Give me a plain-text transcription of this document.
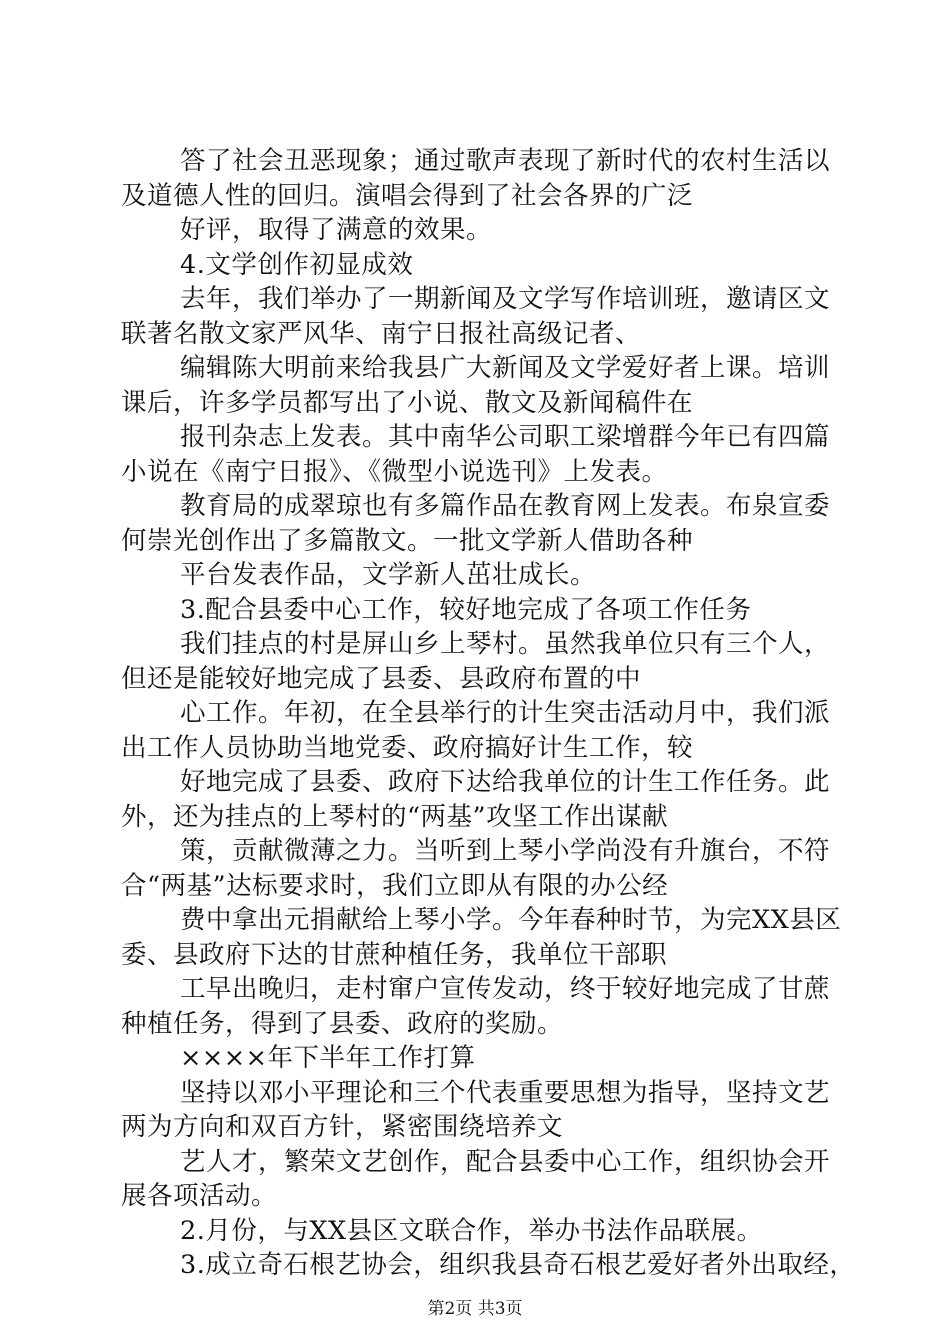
答了社会丑恶现象；通过歌声表现了新时代的农村生活以
及道德人性的回归。演唱会得到了社会各界的广泛
好评，取得了满意的效果。
4.文学创作初显成效
去年，我们举办了一期新闻及文学写作培训班，邀请区文
联著名散文家严风华、南宁日报社高级记者、
编辑陈大明前来给我县广大新闻及文学爱好者上课。培训
课后，许多学员都写出了小说、散文及新闻稿件在
报刊杂志上发表。其中南华公司职工梁增群今年已有四篇
小说在《南宁日报》、《微型小说选刊》上发表。
教育局的成翠琼也有多篇作品在教育网上发表。布泉宣委
何崇光创作出了多篇散文。一批文学新人借助各种
平台发表作品，文学新人茁壮成长。
3.配合县委中心工作，较好地完成了各项工作任务
我们挂点的村是屏山乡上琴村。虽然我单位只有三个人，
但还是能较好地完成了县委、县政府布置的中
心工作。年初，在全县举行的计生突击活动月中，我们派
出工作人员协助当地党委、政府搞好计生工作，较
好地完成了县委、政府下达给我单位的计生工作任务。此
外，还为挂点的上琴村的“两基”攻坚工作出谋献
策，贡献微薄之力。当听到上琴小学尚没有升旗台，不符
合“两基”达标要求时，我们立即从有限的办公经
费中拿出元捐献给上琴小学。今年春种时节，为完XX县区
委、县政府下达的甘蔗种植任务，我单位干部职
工早出晚归，走村窜户宣传发动，终于较好地完成了甘蔗
种植任务，得到了县委、政府的奖励。
××××年下半年工作打算
坚持以邓小平理论和三个代表重要思想为指导，坚持文艺
两为方向和双百方针，紧密围绕培养文
艺人才，繁荣文艺创作，配合县委中心工作，组织协会开
展各项活动。
2.月份，与XX县区文联合作，举办书法作品联展。
3.成立奇石根艺协会，组织我县奇石根艺爱好者外出取经，
第2页 共3页
